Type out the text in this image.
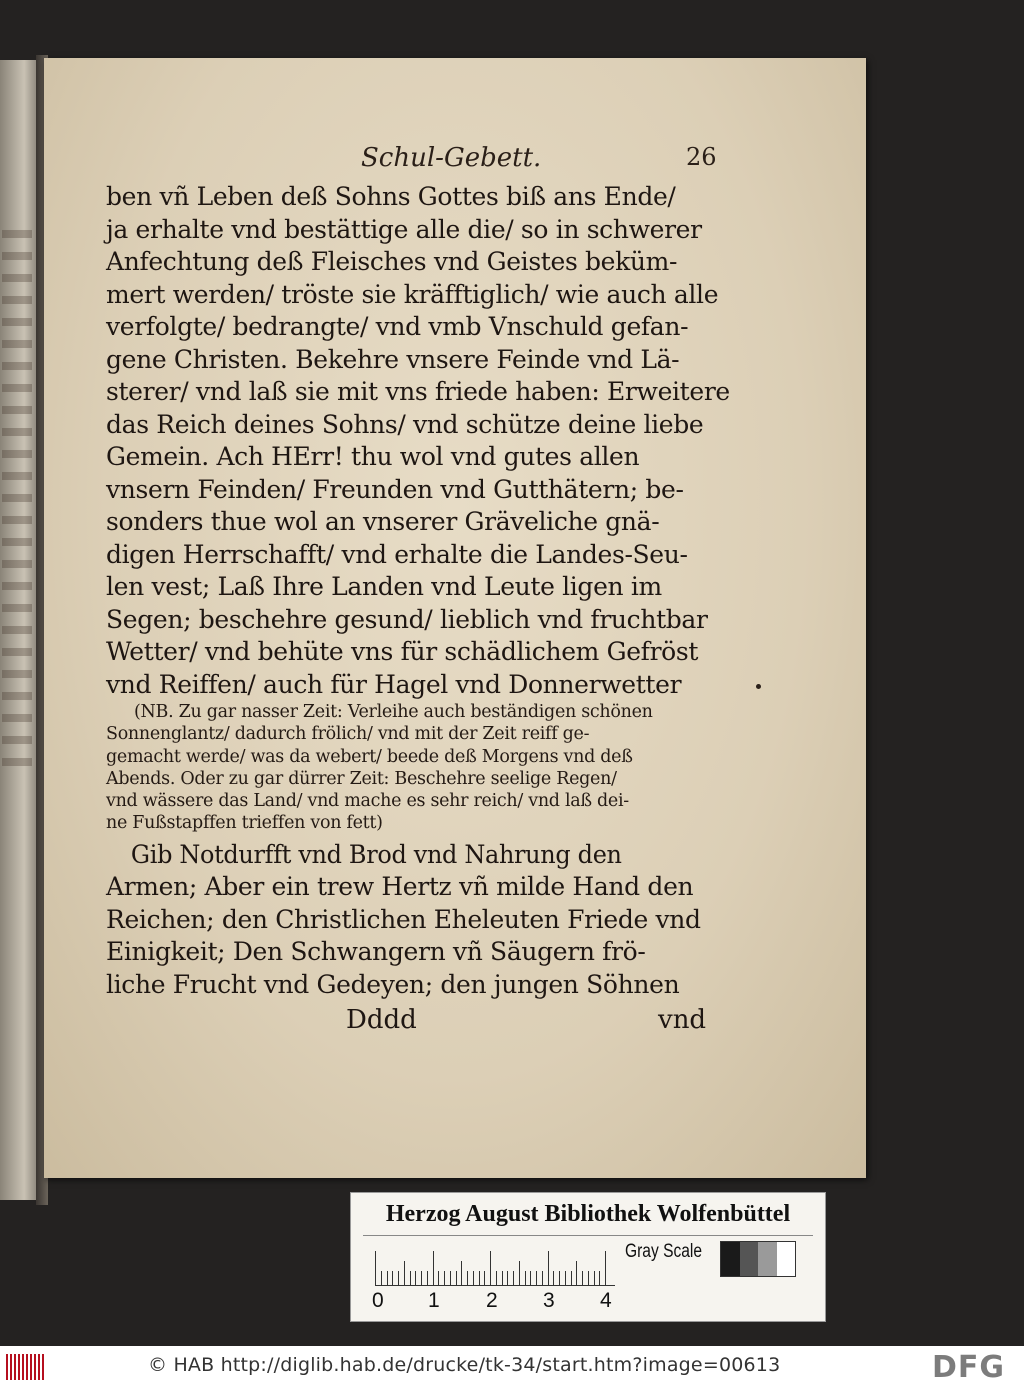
Schul-Gebett.	26
ben vñ Leben deß Sohns Gottes biß ans Ende/
ja erhalte vnd bestättige alle die/ so in schwerer
Anfechtung deß Fleisches vnd Geistes beküm-
mert werden/ tröste sie kräfftiglich/ wie auch alle
verfolgte/ bedrangte/ vnd vmb Vnschuld gefan-
gene Christen. Bekehre vnsere Feinde vnd Lä-
sterer/ vnd laß sie mit vns friede haben: Erweitere
das Reich deines Sohns/ vnd schütze deine liebe
Gemein. Ach HErr! thu wol vnd gutes allen
vnsern Feinden/ Freunden vnd Gutthätern; be-
sonders thue wol an vnserer Gräveliche gnä-
digen Herrschafft/ vnd erhalte die Landes-Seu-
len vest; Laß Ihre Landen vnd Leute ligen im
Segen; beschehre gesund/ lieblich vnd fruchtbar
Wetter/ vnd behüte vns für schädlichem Gefröst
vnd Reiffen/ auch für Hagel vnd Donnerwetter
(NB. Zu gar nasser Zeit: Verleihe auch beständigen schönen
Sonnenglantz/ dadurch frölich/ vnd mit der Zeit reiff ge-
gemacht werde/ was da webert/ beede deß Morgens vnd deß
Abends. Oder zu gar dürrer Zeit: Beschehre seelige Regen/
vnd wässere das Land/ vnd mache es sehr reich/ vnd laß dei-
ne Fußstapffen trieffen von fett)
Gib Notdurfft vnd Brod vnd Nahrung den
Armen; Aber ein trew Hertz vñ milde Hand den
Reichen; den Christlichen Eheleuten Friede vnd
Einigkeit; Den Schwangern vñ Säugern frö-
liche Frucht vnd Gedeyen; den jungen Söhnen
Dddd	vnd
Herzog August Bibliothek Wolfenbüttel
0 1 2 3 4
Gray Scale
© HAB http://diglib.hab.de/drucke/tk-34/start.htm?image=00613	DFG
